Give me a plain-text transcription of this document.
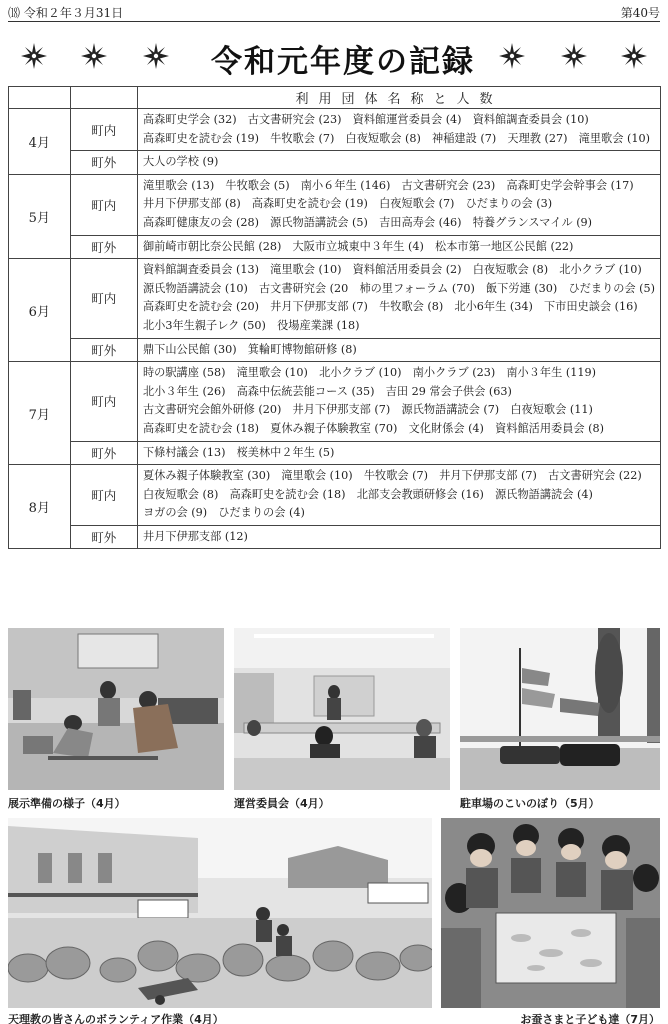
⒅ 令和２年３月31日	第40号
令和元年度の記録
		利用団体名称と人数
4月	町内	高森町史学会 (32)　古文書研究会 (23)　資料館運営委員会 (4)　資料館調査委員会 (10)
高森町史を読む会 (19)　牛牧歌会 (7)　白夜短歌会 (8)　神稲建設 (7)　天理教 (27)　滝里歌会 (10)

	町外	大人の学校 (9)

5月	町内	滝里歌会 (13)　牛牧歌会 (5)　南小６年生 (146)　古文書研究会 (23)　高森町史学会幹事会 (17)
井月下伊那支部 (8)　高森町史を読む会 (19)　白夜短歌会 (7)　ひだまりの会 (3)
高森町健康友の会 (28)　源氏物語講読会 (5)　吉田高寿会 (46)　特養グランスマイル (9)

	町外	御前崎市朝比奈公民館 (28)　大阪市立城東中３年生 (4)　松本市第一地区公民館 (22)

6月	町内	資料館調査委員会 (13)　滝里歌会 (10)　資料館活用委員会 (2)　白夜短歌会 (8)　北小クラブ (10)
源氏物語講読会 (10)　古文書研究会 (20　柿の里フォーラム (70)　飯下労連 (30)　ひだまりの会 (5)
高森町史を読む会 (20)　井月下伊那支部 (7)　牛牧歌会 (8)　北小6年生 (34)　下市田史談会 (16)
北小3年生親子レク (50)　役場産業課 (18)

	町外	鼎下山公民館 (30)　箕輪町博物館研修 (8)

7月	町内	時の駅講座 (58)　滝里歌会 (10)　北小クラブ (10)　南小クラブ (23)　南小３年生 (119)
北小３年生 (26)　高森中伝統芸能コース (35)　吉田 29 常会子供会 (63)
古文書研究会館外研修 (20)　井月下伊那支部 (7)　源氏物語講読会 (7)　白夜短歌会 (11)
高森町史を読む会 (18)　夏休み親子体験教室 (70)　文化財係会 (4)　資料館活用委員会 (8)

	町外	下條村議会 (13)　桜美林中２年生 (5)

8月	町内	夏休み親子体験教室 (30)　滝里歌会 (10)　牛牧歌会 (7)　井月下伊那支部 (7)　古文書研究会 (22)
白夜短歌会 (8)　高森町史を読む会 (18)　北部支会教頭研修会 (16)　源氏物語講読会 (4)
ヨガの会 (9)　ひだまりの会 (4)

	町外	井月下伊那支部 (12)
展示準備の様子（4月）	運営委員会（4月）	駐車場のこいのぼり（5月）
天理教の皆さんのボランティア作業（4月）	お蚕さまと子ども達（7月）
